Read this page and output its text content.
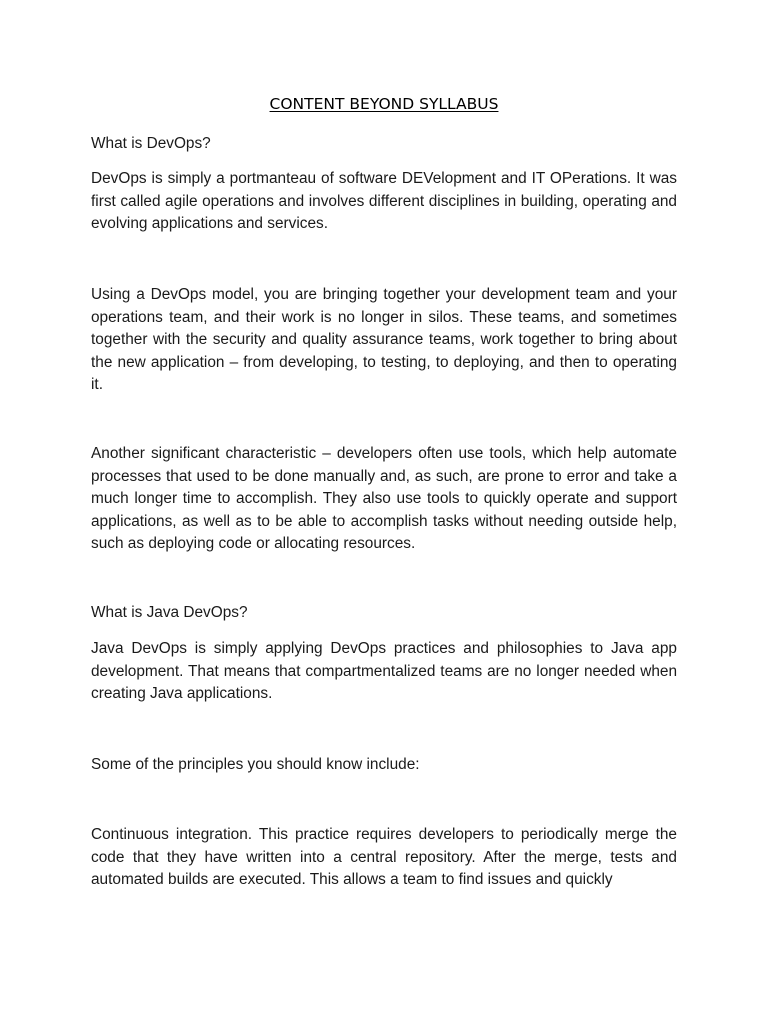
CONTENT BEYOND SYLLABUS

What is DevOps?

DevOps is simply a portmanteau of software DEVelopment and IT OPerations. It was first called agile operations and involves different disciplines in building, operating and evolving applications and services.

Using a DevOps model, you are bringing together your development team and your operations team, and their work is no longer in silos. These teams, and sometimes together with the security and quality assurance teams, work together to bring about the new application – from developing, to testing, to deploying, and then to operating it.

Another significant characteristic – developers often use tools, which help automate processes that used to be done manually and, as such, are prone to error and take a much longer time to accomplish. They also use tools to quickly operate and support applications, as well as to be able to accomplish tasks without needing outside help, such as deploying code or allocating resources.

What is Java DevOps?

Java DevOps is simply applying DevOps practices and philosophies to Java app development. That means that compartmentalized teams are no longer needed when creating Java applications.

Some of the principles you should know include:

Continuous integration. This practice requires developers to periodically merge the code that they have written into a central repository. After the merge, tests and automated builds are executed. This allows a team to find issues and quickly
